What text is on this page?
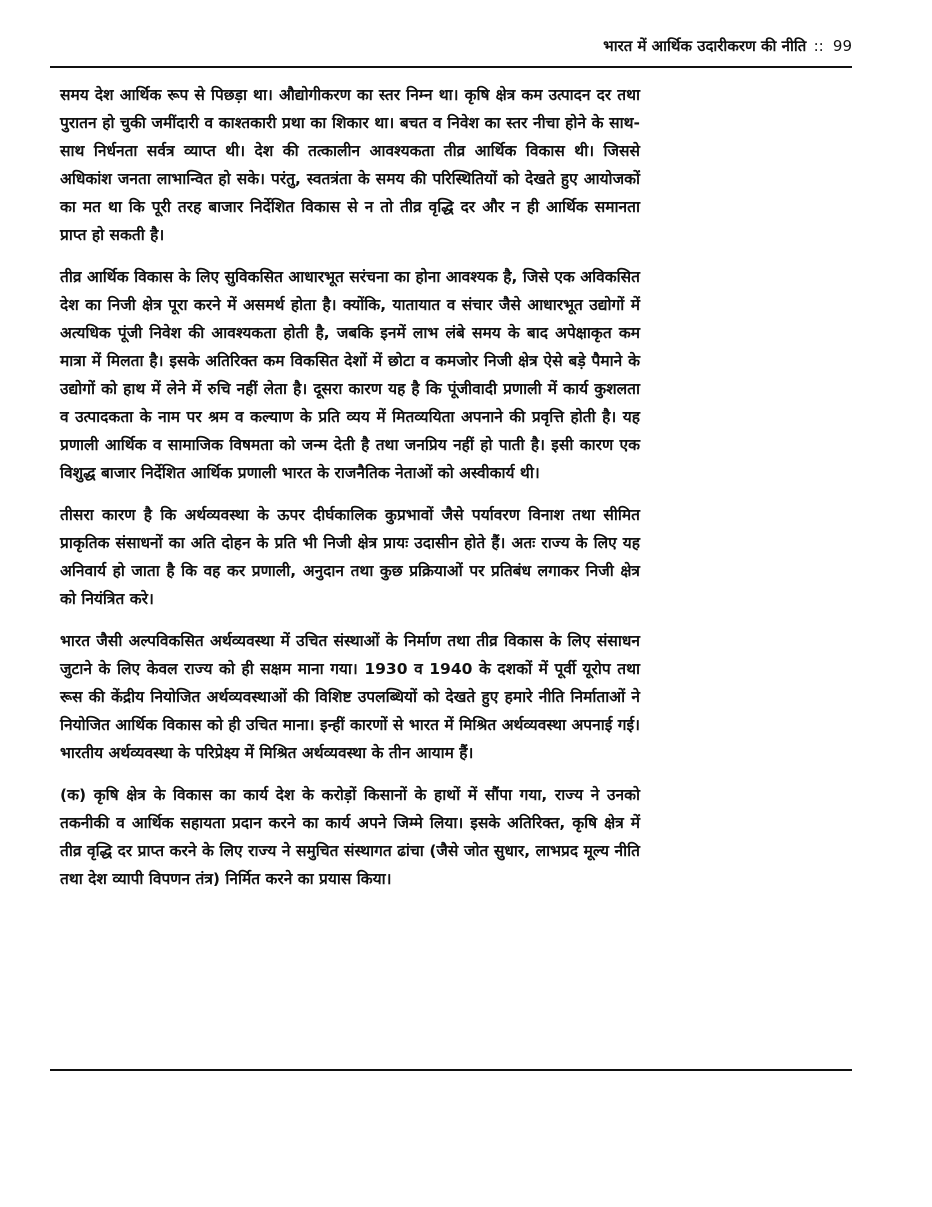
भारत में आर्थिक उदारीकरण की नीति :: 99

समय देश आर्थिक रूप से पिछड़ा था। औद्योगीकरण का स्तर निम्न था। कृषि क्षेत्र कम उत्पादन दर तथा पुरातन हो चुकी जमींदारी व काश्तकारी प्रथा का शिकार था। बचत व निवेश का स्तर नीचा होने के साथ-साथ निर्धनता सर्वत्र व्याप्त थी। देश की तत्कालीन आवश्यकता तीव्र आर्थिक विकास थी। जिससे अधिकांश जनता लाभान्वित हो सके। परंतु, स्वतत्रंता के समय की परिस्थितियों को देखते हुए आयोजकों का मत था कि पूरी तरह बाजार निर्देशित विकास से न तो तीव्र वृद्धि दर और न ही आर्थिक समानता प्राप्त हो सकती है।

तीव्र आर्थिक विकास के लिए सुविकसित आधारभूत सरंचना का होना आवश्यक है, जिसे एक अविकसित देश का निजी क्षेत्र पूरा करने में असमर्थ होता है। क्योंकि, यातायात व संचार जैसे आधारभूत उद्योगों में अत्यधिक पूंजी निवेश की आवश्यकता होती है, जबकि इनमें लाभ लंबे समय के बाद अपेक्षाकृत कम मात्रा में मिलता है। इसके अतिरिक्त कम विकसित देशों में छोटा व कमजोर निजी क्षेत्र ऐसे बड़े पैमाने के उद्योगों को हाथ में लेने में रुचि नहीं लेता है। दूसरा कारण यह है कि पूंजीवादी प्रणाली में कार्य कुशलता व उत्पादकता के नाम पर श्रम व कल्याण के प्रति व्यय में मितव्ययिता अपनाने की प्रवृत्ति होती है। यह प्रणाली आर्थिक व सामाजिक विषमता को जन्म देती है तथा जनप्रिय नहीं हो पाती है। इसी कारण एक विशुद्ध बाजार निर्देशित आर्थिक प्रणाली भारत के राजनैतिक नेताओं को अस्वीकार्य थी।

तीसरा कारण है कि अर्थव्यवस्था के ऊपर दीर्घकालिक कुप्रभावों जैसे पर्यावरण विनाश तथा सीमित प्राकृतिक संसाधनों का अति दोहन के प्रति भी निजी क्षेत्र प्रायः उदासीन होते हैं। अतः राज्य के लिए यह अनिवार्य हो जाता है कि वह कर प्रणाली, अनुदान तथा कुछ प्रक्रियाओं पर प्रतिबंध लगाकर निजी क्षेत्र को नियंत्रित करे।

भारत जैसी अल्पविकसित अर्थव्यवस्था में उचित संस्थाओं के निर्माण तथा तीव्र विकास के लिए संसाधन जुटाने के लिए केवल राज्य को ही सक्षम माना गया। 1930 व 1940 के दशकों में पूर्वी यूरोप तथा रूस की केंद्रीय नियोजित अर्थव्यवस्थाओं की विशिष्ट उपलब्धियों को देखते हुए हमारे नीति निर्माताओं ने नियोजित आर्थिक विकास को ही उचित माना। इन्हीं कारणों से भारत में मिश्रित अर्थव्यवस्था अपनाई गई। भारतीय अर्थव्यवस्था के परिप्रेक्ष्य में मिश्रित अर्थव्यवस्था के तीन आयाम हैं।

(क) कृषि क्षेत्र के विकास का कार्य देश के करोड़ों किसानों के हाथों में सौंपा गया, राज्य ने उनको तकनीकी व आर्थिक सहायता प्रदान करने का कार्य अपने जिम्मे लिया। इसके अतिरिक्त, कृषि क्षेत्र में तीव्र वृद्धि दर प्राप्त करने के लिए राज्य ने समुचित संस्थागत ढांचा (जैसे जोत सुधार, लाभप्रद मूल्य नीति तथा देश व्यापी विपणन तंत्र) निर्मित करने का प्रयास किया।
